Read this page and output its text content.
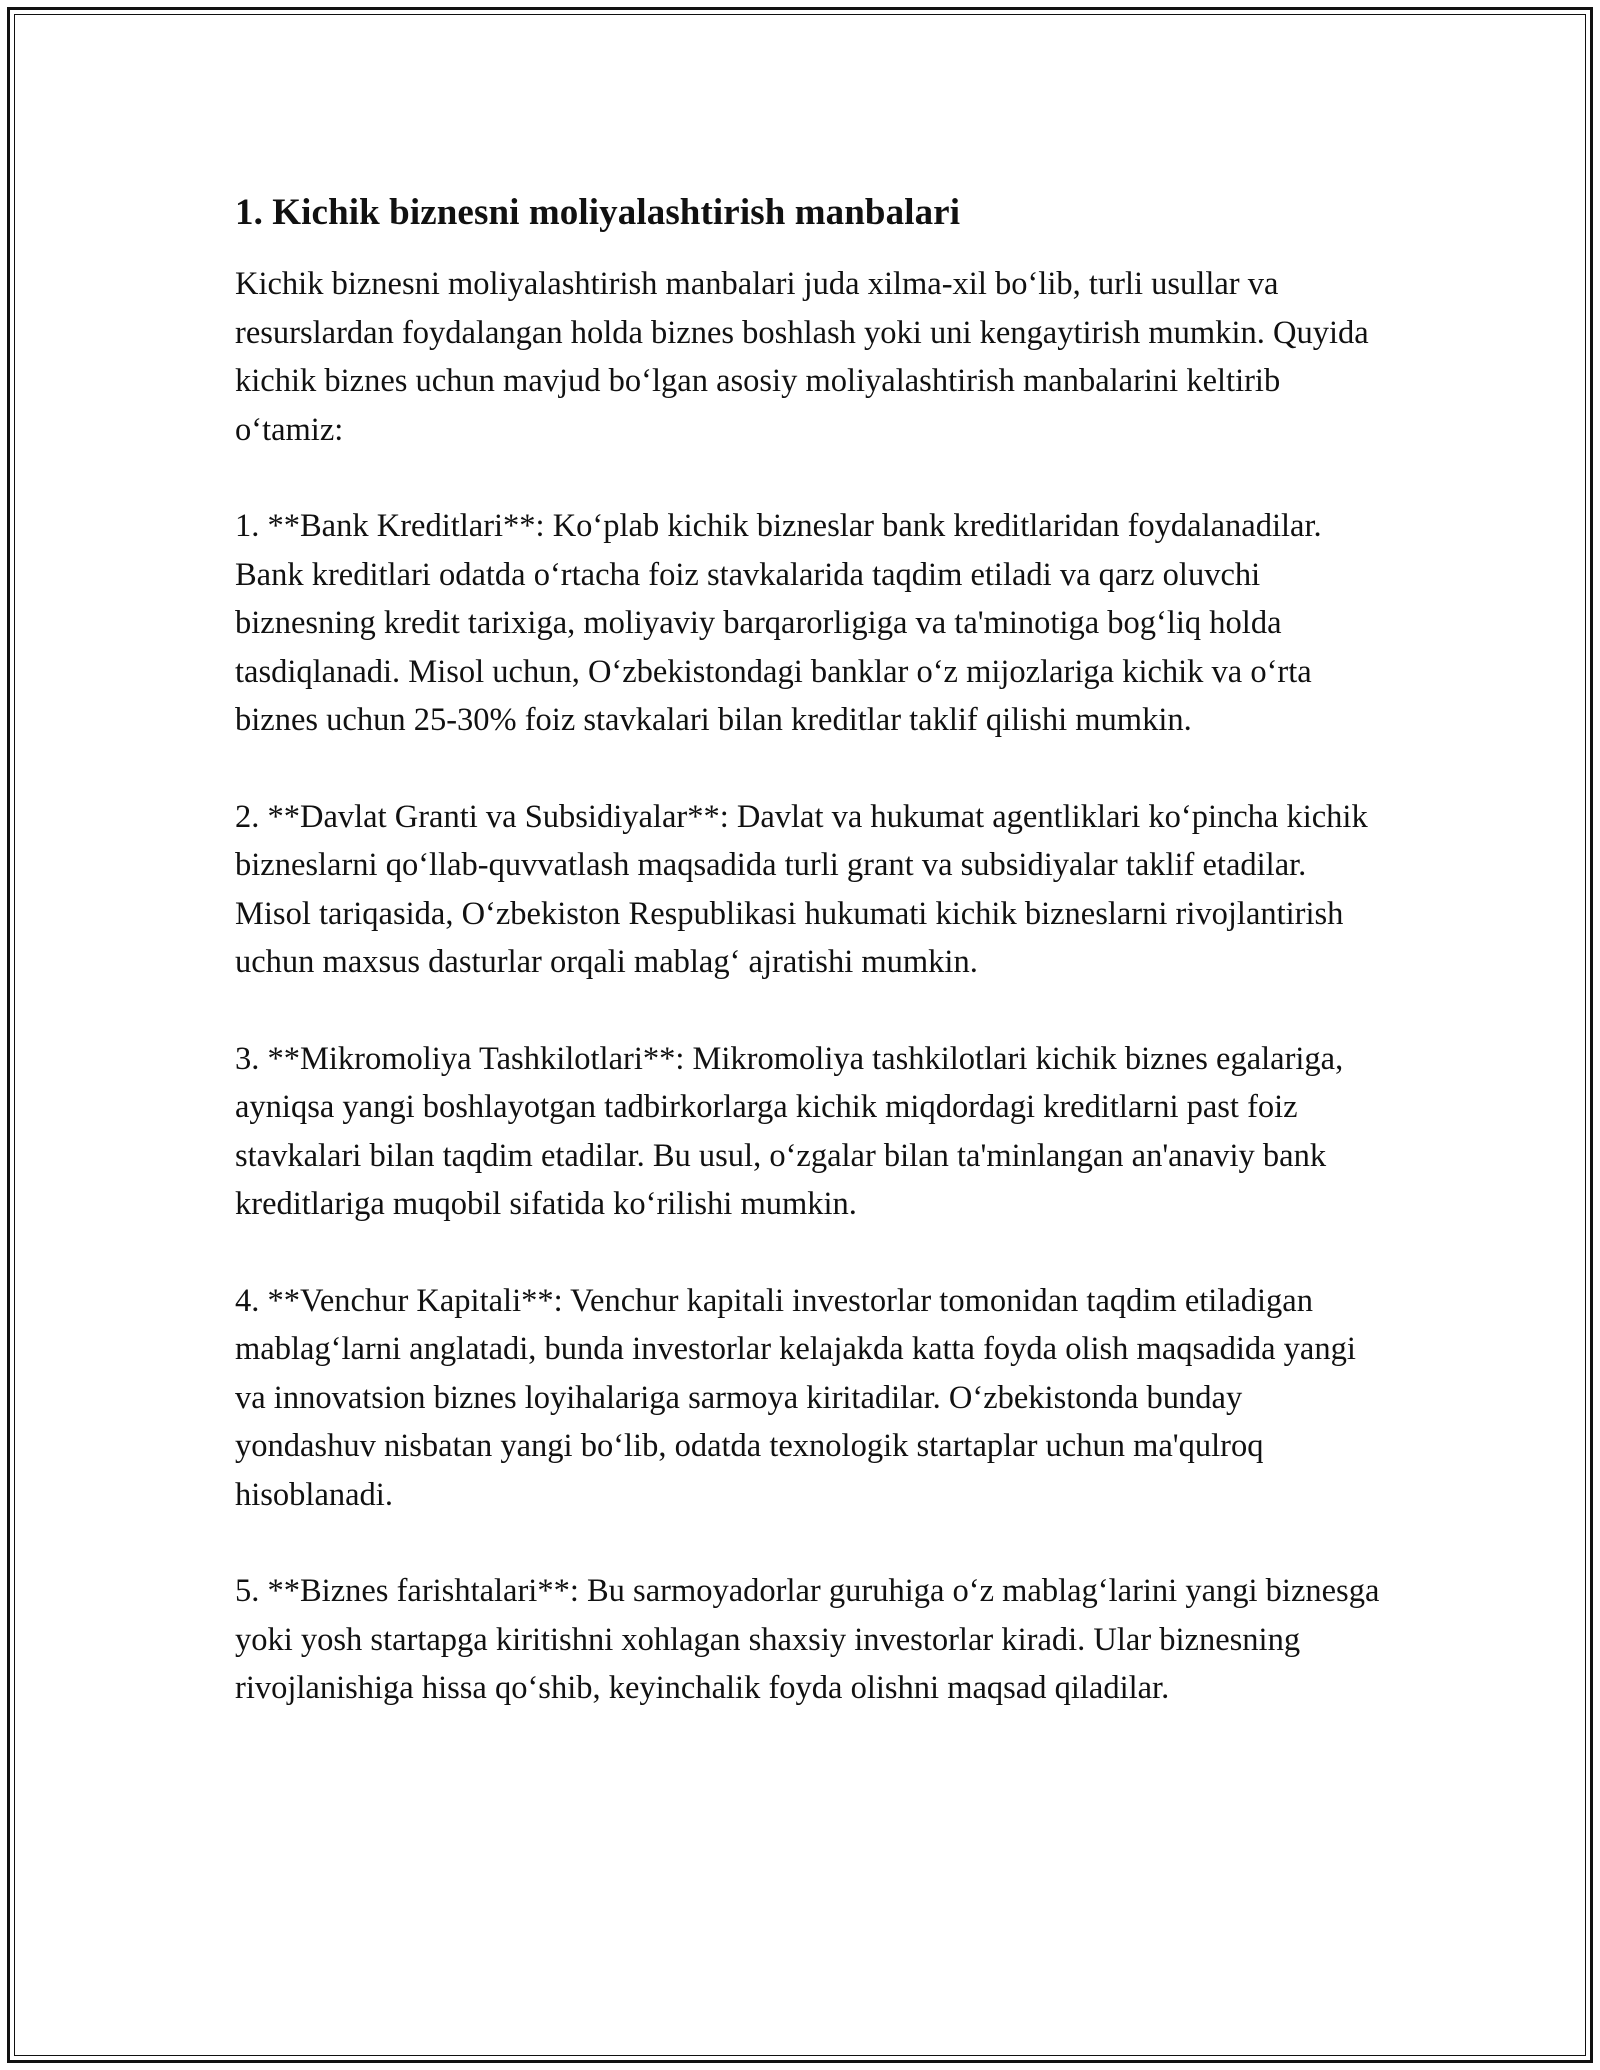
1. Kichik biznesni moliyalashtirish manbalari

Kichik biznesni moliyalashtirish manbalari juda xilma-xil bo‘lib, turli usullar va resurslardan foydalangan holda biznes boshlash yoki uni kengaytirish mumkin. Quyida kichik biznes uchun mavjud bo‘lgan asosiy moliyalashtirish manbalarini keltirib o‘tamiz:

1. **Bank Kreditlari**: Ko‘plab kichik bizneslar bank kreditlaridan foydalanadilar. Bank kreditlari odatda o‘rtacha foiz stavkalarida taqdim etiladi va qarz oluvchi biznesning kredit tarixiga, moliyaviy barqarorligiga va ta'minotiga bog‘liq holda tasdiqlanadi. Misol uchun, O‘zbekistondagi banklar o‘z mijozlariga kichik va o‘rta biznes uchun 25-30% foiz stavkalari bilan kreditlar taklif qilishi mumkin.

2. **Davlat Granti va Subsidiyalar**: Davlat va hukumat agentliklari ko‘pincha kichik bizneslarni qo‘llab-quvvatlash maqsadida turli grant va subsidiyalar taklif etadilar. Misol tariqasida, O‘zbekiston Respublikasi hukumati kichik bizneslarni rivojlantirish uchun maxsus dasturlar orqali mablag‘ ajratishi mumkin.

3. **Mikromoliya Tashkilotlari**: Mikromoliya tashkilotlari kichik biznes egalariga, ayniqsa yangi boshlayotgan tadbirkorlarga kichik miqdordagi kreditlarni past foiz stavkalari bilan taqdim etadilar. Bu usul, o‘zgalar bilan ta'minlangan an'anaviy bank kreditlariga muqobil sifatida ko‘rilishi mumkin.

4. **Venchur Kapitali**: Venchur kapitali investorlar tomonidan taqdim etiladigan mablag‘larni anglatadi, bunda investorlar kelajakda katta foyda olish maqsadida yangi va innovatsion biznes loyihalariga sarmoya kiritadilar. O‘zbekistonda bunday yondashuv nisbatan yangi bo‘lib, odatda texnologik startaplar uchun ma'qulroq hisoblanadi.

5. **Biznes farishtalari**: Bu sarmoyadorlar guruhiga o‘z mablag‘larini yangi biznesga yoki yosh startapga kiritishni xohlagan shaxsiy investorlar kiradi. Ular biznesning rivojlanishiga hissa qo‘shib, keyinchalik foyda olishni maqsad qiladilar.
